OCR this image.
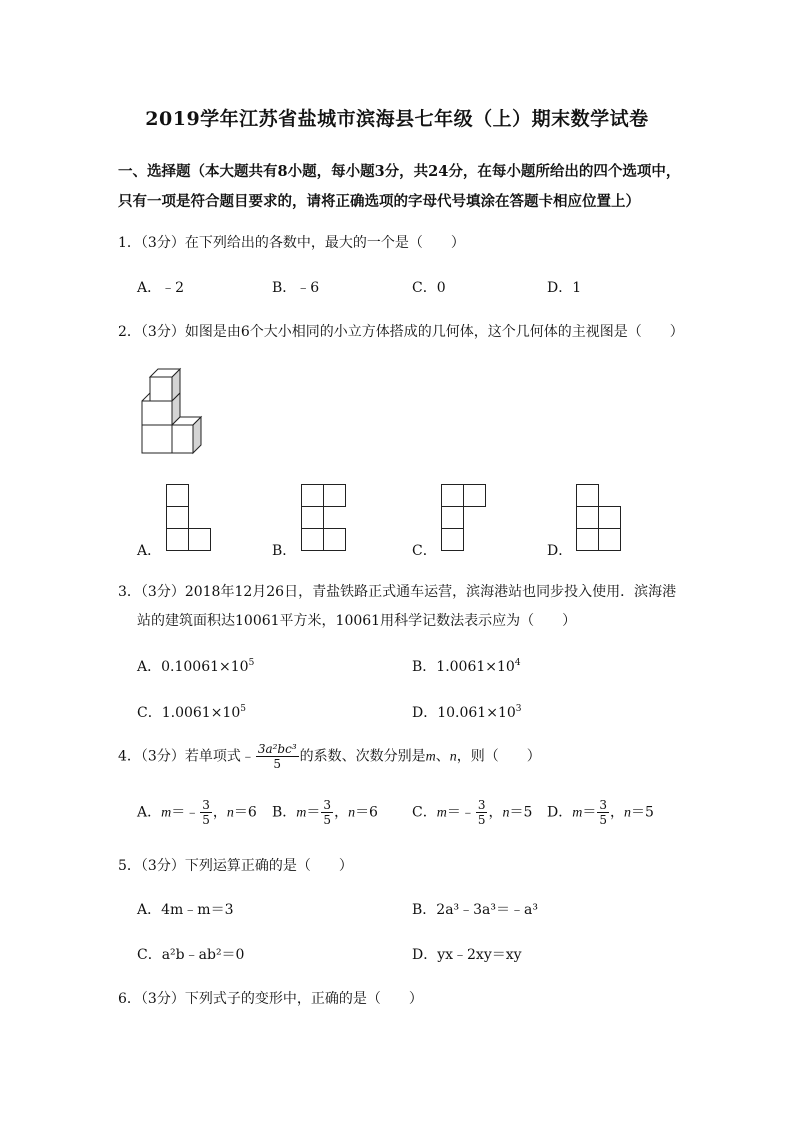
2019学年江苏省盐城市滨海县七年级（上）期末数学试卷
一、选择题（本大题共有8小题，每小题3分，共24分，在每小题所给出的四个选项中，
只有一项是符合题目要求的，请将正确选项的字母代号填涂在答题卡相应位置上）
1．（3分）在下列给出的各数中，最大的一个是（　　）
A．﹣2	B．﹣6	C．0	D．1
2．（3分）如图是由6个大小相同的小立方体搭成的几何体，这个几何体的主视图是（　　）
A．	B．	C．	D．
3．（3分）2018年12月26日，青盐铁路正式通车运营，滨海港站也同步投入使用．滨海港
站的建筑面积达10061平方米，10061用科学记数法表示应为（　　）
A．$0.10061\times 10^5$	B．$1.0061\times 10^4$
C．$1.0061\times 10^5$	D．$10.061\times 10^3$
4．（3分）若单项式﹣ $\frac{\text{3a²bc³}}{5}$ 的系数、次数分别是m、n，则（　　）
A．m＝﹣ $\frac{3}{5}$ ，n＝6 B．$m= \frac{3}{5}$ ，n＝6 C．m＝﹣ $\frac{3}{5}$ ，n＝5 D．$m= \frac{3}{5}$ ，n＝5
5．（3分）下列运算正确的是（　　）
A．4m﹣m＝3	B．2a³﹣3a³＝﹣a³
C．a²b﹣ab²＝0	D．yx﹣2xy＝xy
6．（3分）下列式子的变形中，正确的是（　　）
